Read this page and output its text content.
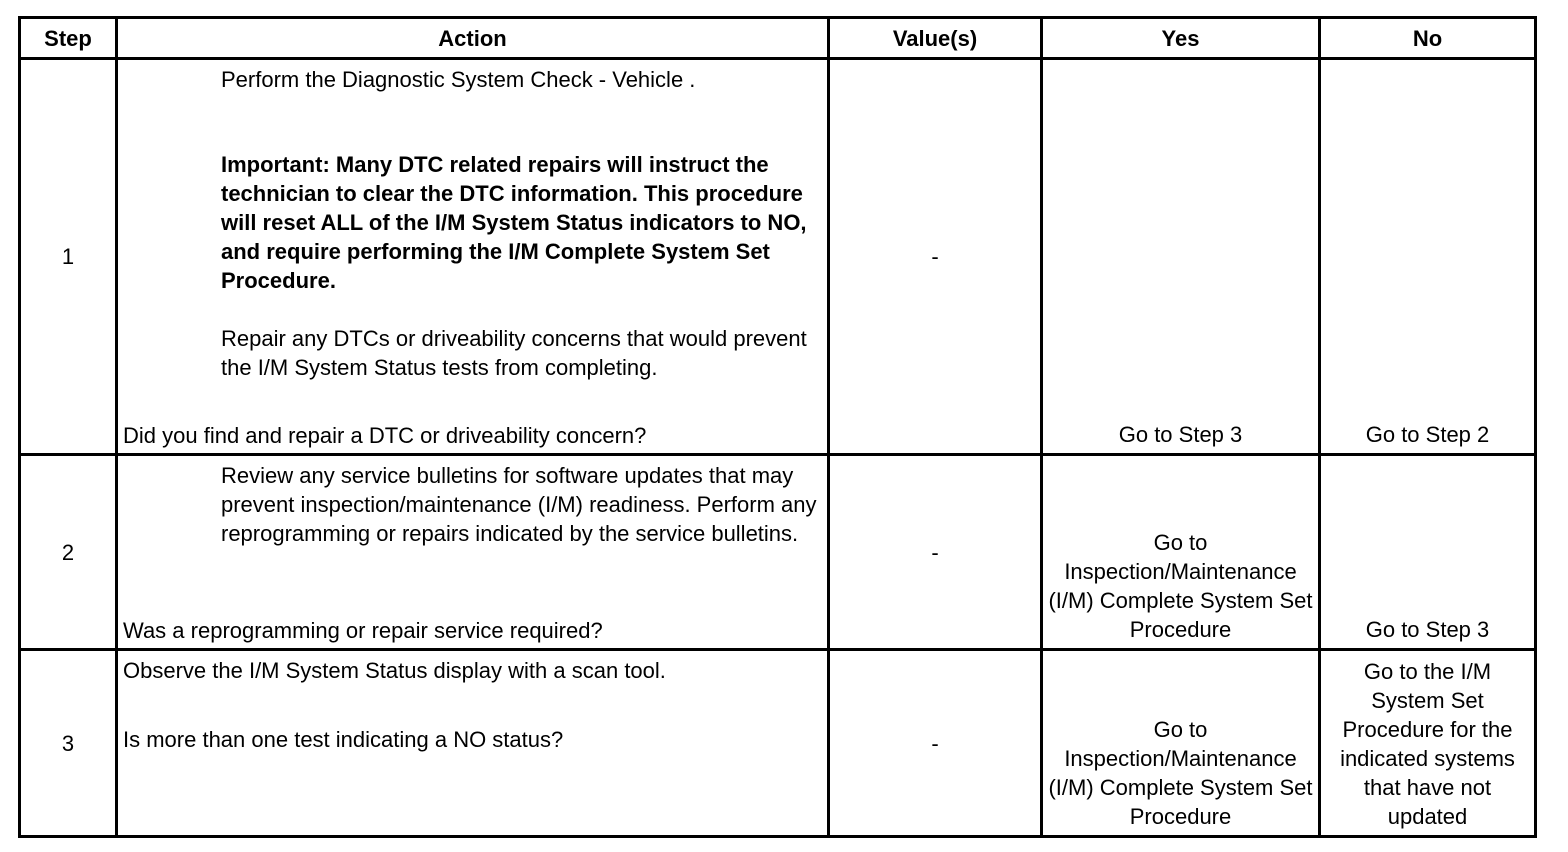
Step	Action	Value(s)	Yes	No
1	Perform the Diagnostic System Check - Vehicle .
Important: Many DTC related repairs will instruct the technician to clear the DTC information. This procedure will reset ALL of the I/M System Status indicators to NO, and require performing the I/M Complete System Set Procedure.
Repair any DTCs or driveability concerns that would prevent the I/M System Status tests from completing.
Did you find and repair a DTC or driveability concern?	-	Go to Step 3	Go to Step 2
2	Review any service bulletins for software updates that may prevent inspection/maintenance (I/M) readiness. Perform any reprogramming or repairs indicated by the service bulletins.
Was a reprogramming or repair service required?	-	Go to Inspection/Maintenance (I/M) Complete System Set Procedure	Go to Step 3
3	Observe the I/M System Status display with a scan tool.
Is more than one test indicating a NO status?	-	Go to Inspection/Maintenance (I/M) Complete System Set Procedure	Go to the I/M System Set Procedure for the indicated systems that have not updated
